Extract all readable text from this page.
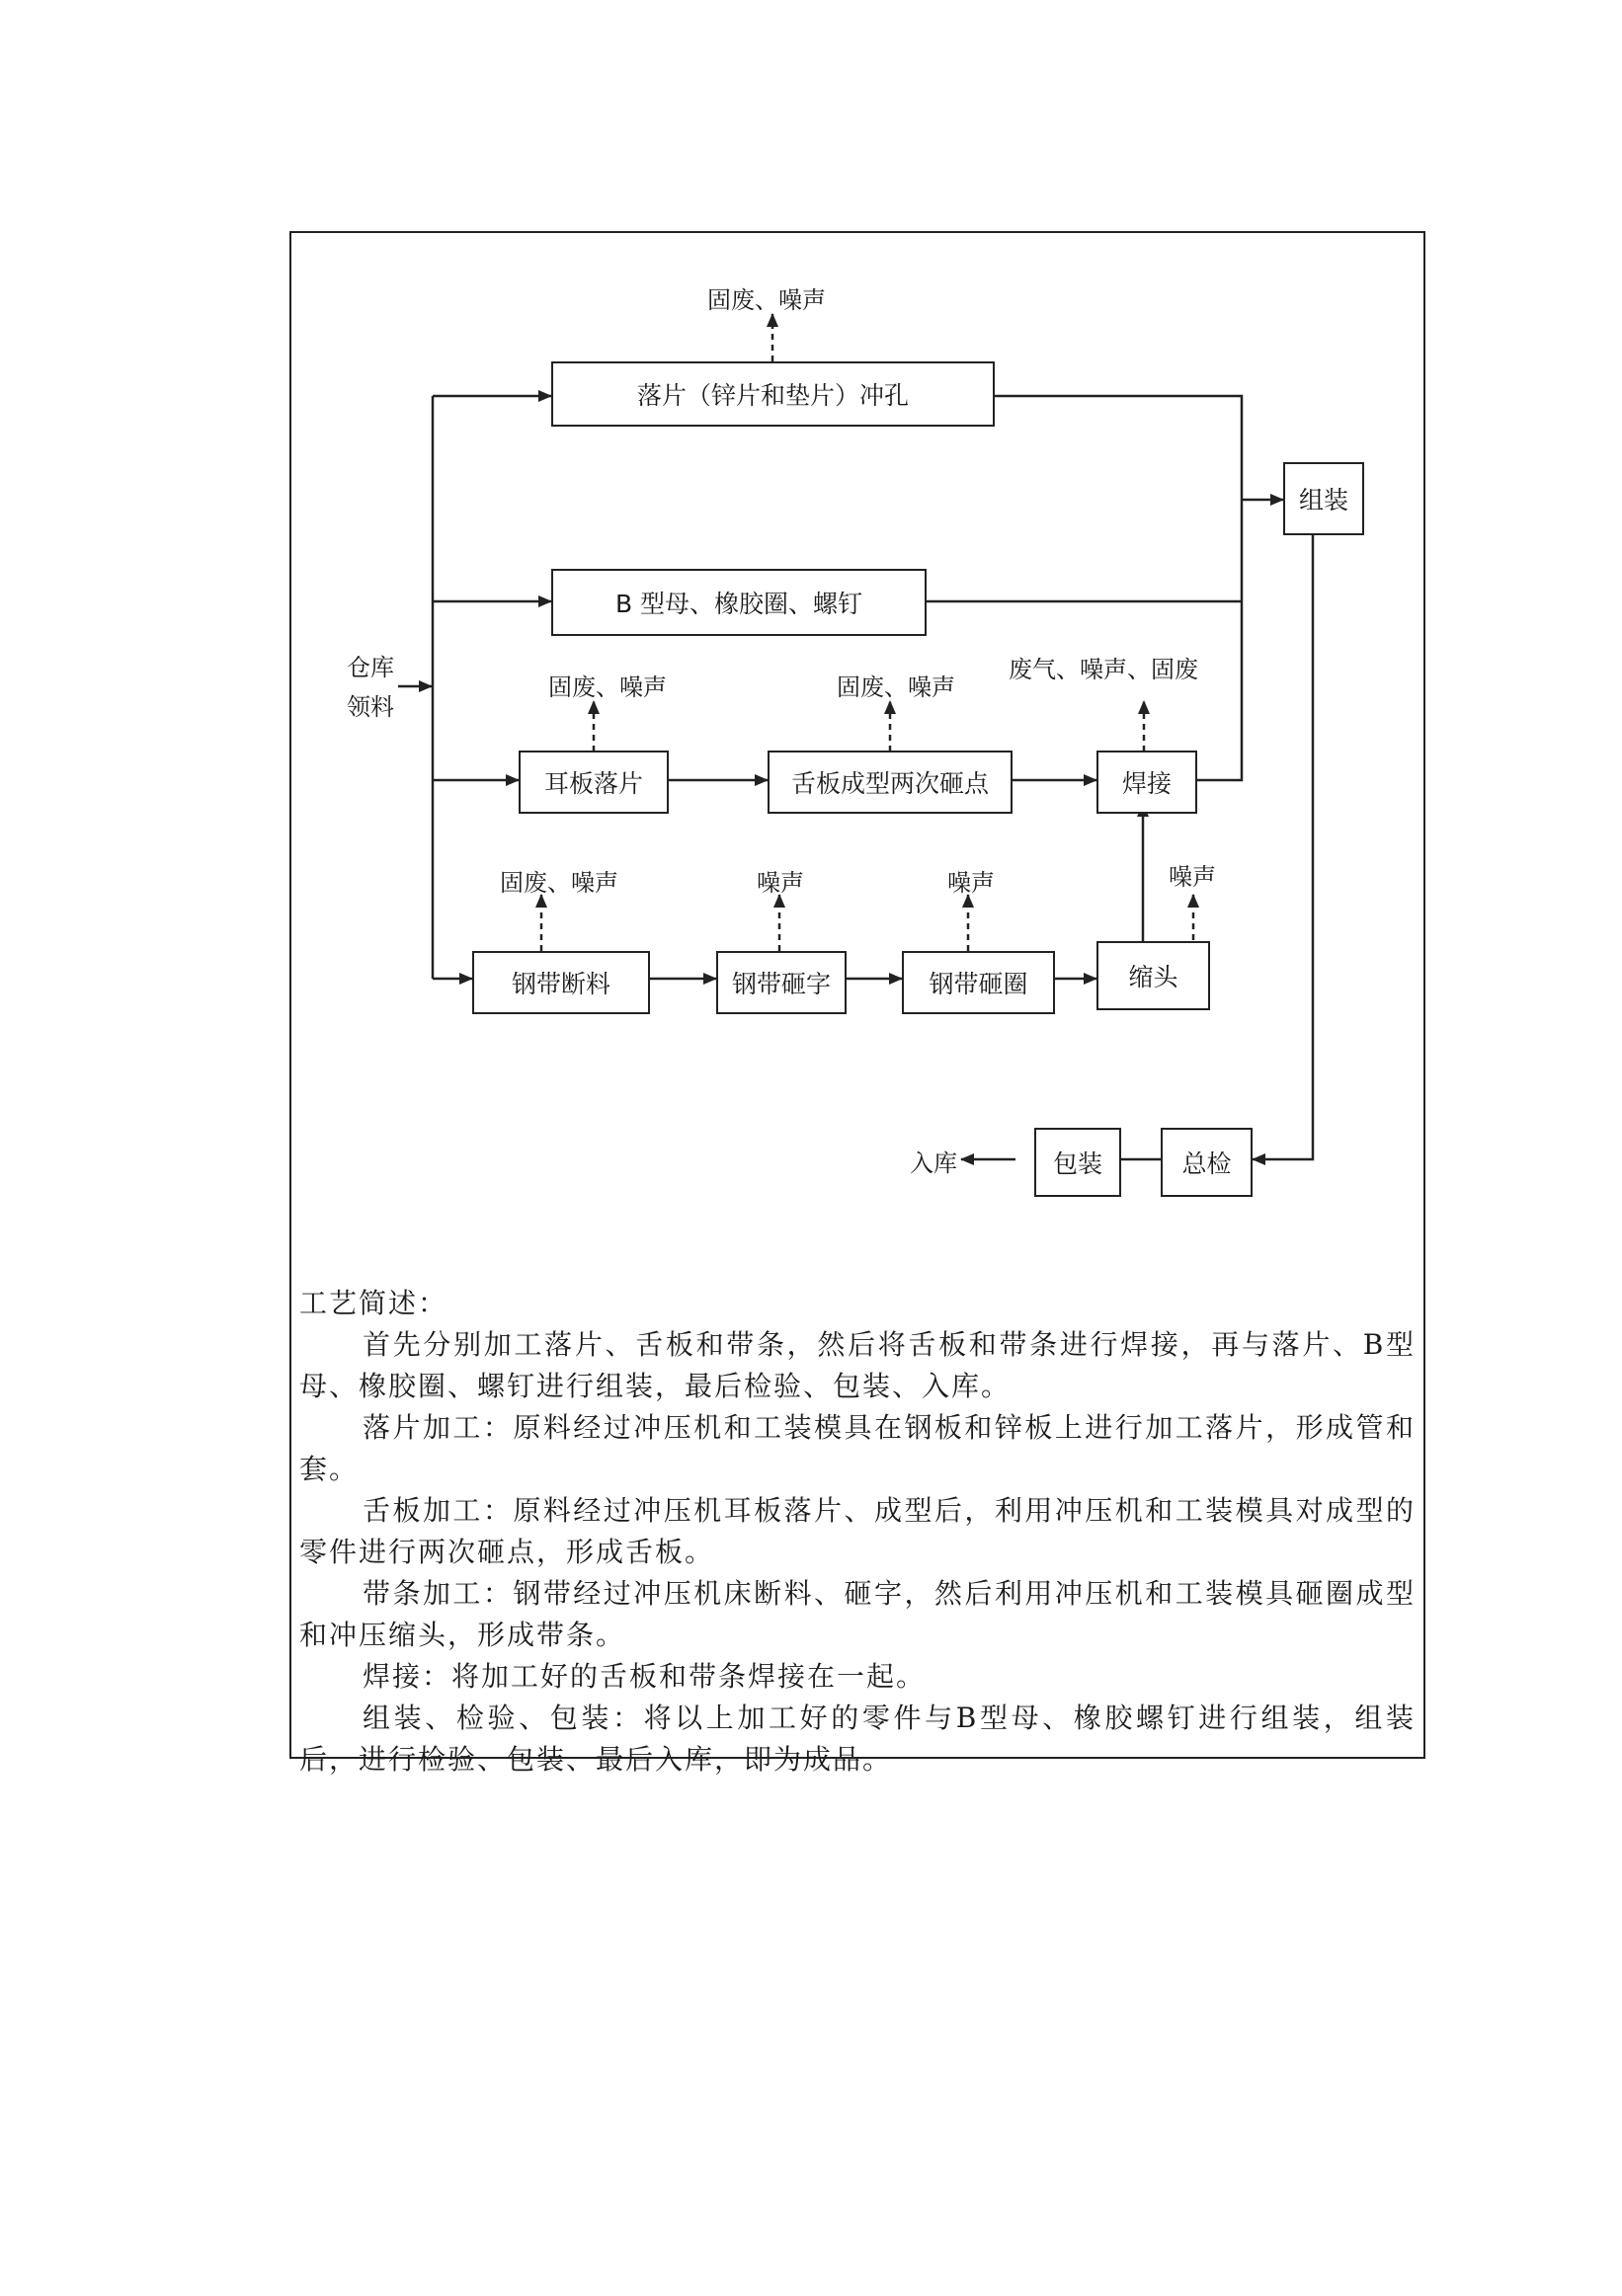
落片（锌片和垫片）冲孔
B 型母、橡胶圈、螺钉
组装
耳板落片	舌板成型两次砸点	焊接
钢带断料	钢带砸字	钢带砸圈	缩头
总检
包装
仓库
领料
固废、噪声
固废、噪声	固废、噪声
废气、噪声、固废
固废、噪声	噪声	噪声	噪声
入库

工艺简述：

首先分别加工落片、舌板和带条，然后将舌板和带条进行焊接，再与落片、B型母、橡胶圈、螺钉进行组装，最后检验、包装、入库。

落片加工：原料经过冲压机和工装模具在钢板和锌板上进行加工落片，形成管和套。

舌板加工：原料经过冲压机耳板落片、成型后，利用冲压机和工装模具对成型的零件进行两次砸点，形成舌板。

带条加工：钢带经过冲压机床断料、砸字，然后利用冲压机和工装模具砸圈成型和冲压缩头，形成带条。

焊接：将加工好的舌板和带条焊接在一起。

组装、检验、包装：将以上加工好的零件与B型母、橡胶螺钉进行组装，组装后，进行检验、包装、最后入库，即为成品。
